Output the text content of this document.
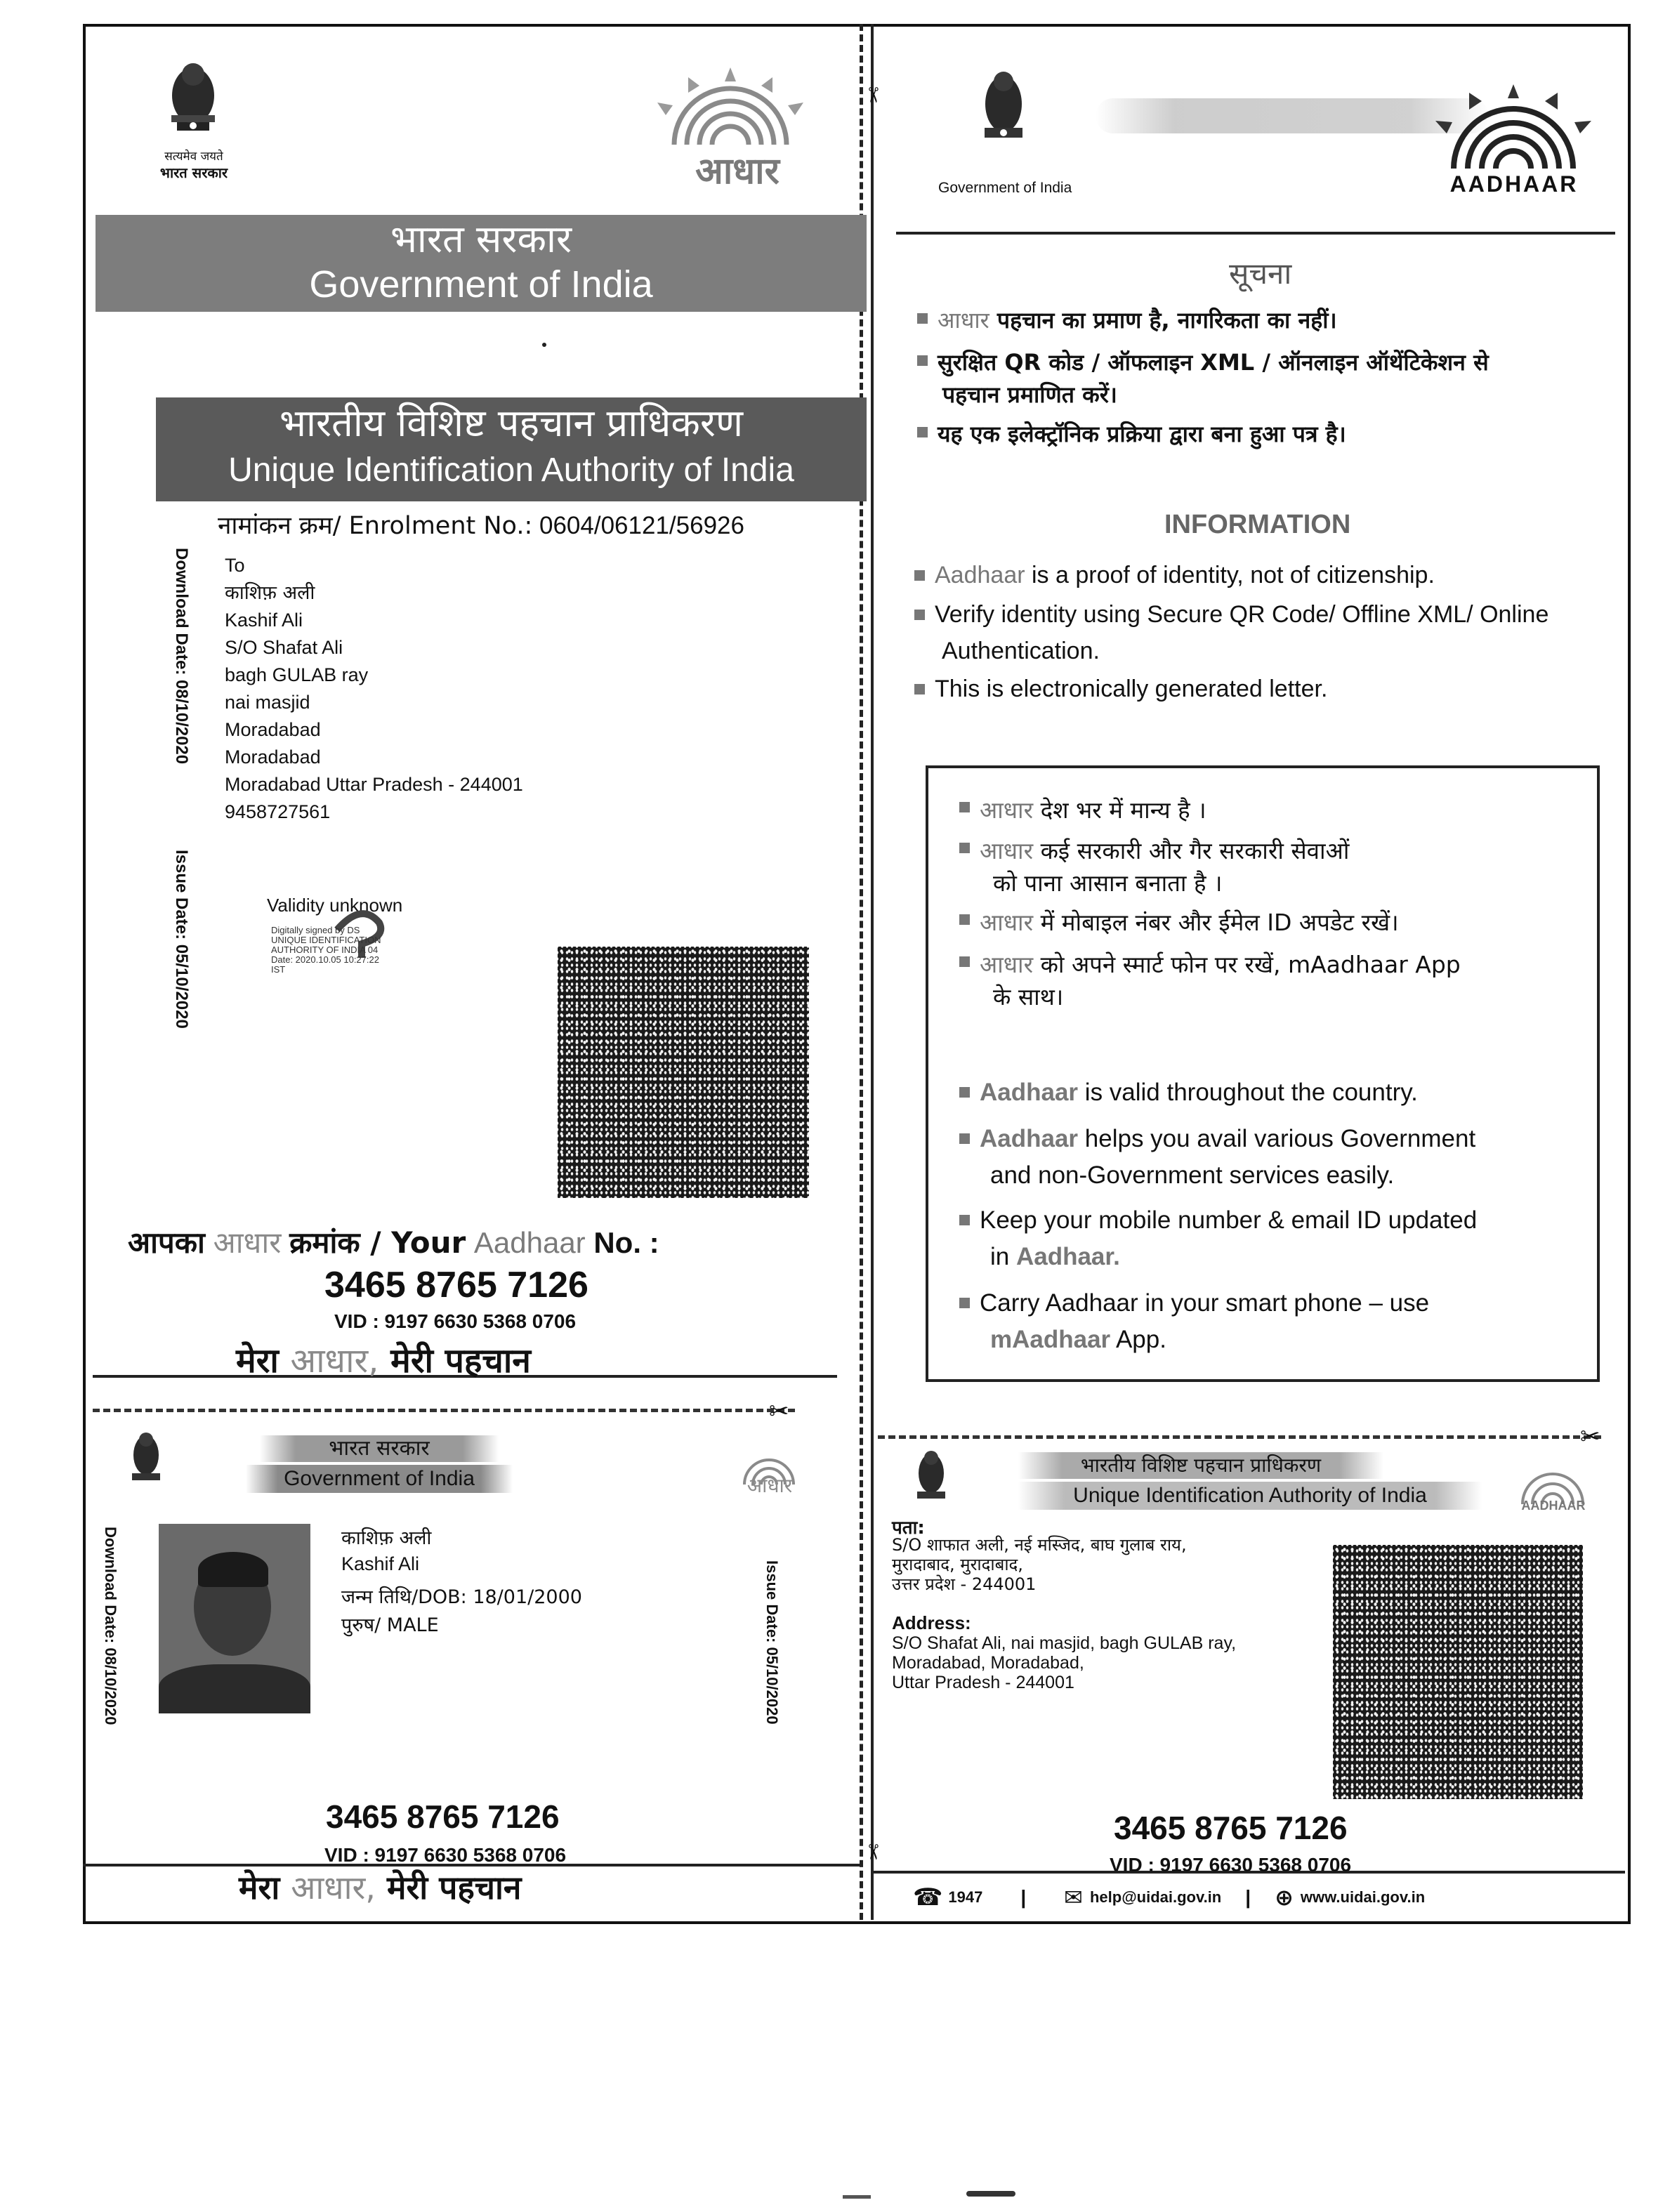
✂
✂
✂
✂
सत्यमेव जयते
भारत सरकार	आधार
भारत सरकार
Government of India
भारतीय विशिष्ट पहचान प्राधिकरण
Unique Identification Authority of India
नामांकन क्रम/ Enrolment No.: 0604/06121/56926
Download Date: 08/10/2020
Issue Date: 05/10/2020
To
काशिफ़ अली
Kashif Ali
S/O Shafat Ali
bagh GULAB ray
nai masjid
Moradabad
Moradabad
Moradabad Uttar Pradesh - 244001
9458727561
Validity unknown
Digitally signed by DS
UNIQUE IDENTIFICATION
AUTHORITY OF INDIA 04
Date: 2020.10.05 10:27:22
IST
आपका आधार क्रमांक / Your Aadhaar No. :
3465 8765 7126
VID : 9197 6630 5368 0706
मेरा आधार, मेरी पहचान
Government of India	AADHAAR
सूचना
आधार पहचान का प्रमाण है, नागरिकता का नहीं।
सुरक्षित QR कोड / ऑफलाइन XML / ऑनलाइन ऑथेंटिकेशन से
पहचान प्रमाणित करें।
यह एक इलेक्ट्रॉनिक प्रक्रिया द्वारा बना हुआ पत्र है।
INFORMATION
Aadhaar is a proof of identity, not of citizenship.
Verify identity using Secure QR Code/ Offline XML/ Online
Authentication.
This is electronically generated letter.
आधार देश भर में मान्य है ।
आधार कई सरकारी और गैर सरकारी सेवाओं
को पाना आसान बनाता है ।
आधार में मोबाइल नंबर और ईमेल ID अपडेट रखें।
आधार को अपने स्मार्ट फोन पर रखें, mAadhaar App
के साथ।
Aadhaar is valid throughout the country.
Aadhaar helps you avail various Government
and non-Government services easily.
Keep your mobile number & email ID updated
in Aadhaar.
Carry Aadhaar in your smart phone – use
mAadhaar App.
भारत सरकार
Government of India	आधार
Download Date: 08/10/2020	Issue Date: 05/10/2020
काशिफ़ अली
Kashif Ali
जन्म तिथि/DOB: 18/01/2000
पुरुष/ MALE
3465 8765 7126
VID : 9197 6630 5368 0706
मेरा आधार, मेरी पहचान
भारतीय विशिष्ट पहचान प्राधिकरण
Unique Identification Authority of India	AADHAAR
पता:
S/O शाफात अली, नई मस्जिद, बाघ गुलाब राय,
मुरादाबाद, मुरादाबाद,
उत्तर प्रदेश - 244001
Address:
S/O Shafat Ali, nai masjid, bagh GULAB ray,
Moradabad, Moradabad,
Uttar Pradesh - 244001
3465 8765 7126
VID : 9197 6630 5368 0706
☎ 1947 | ✉ help@uidai.gov.in | ⊕ www.uidai.gov.in
